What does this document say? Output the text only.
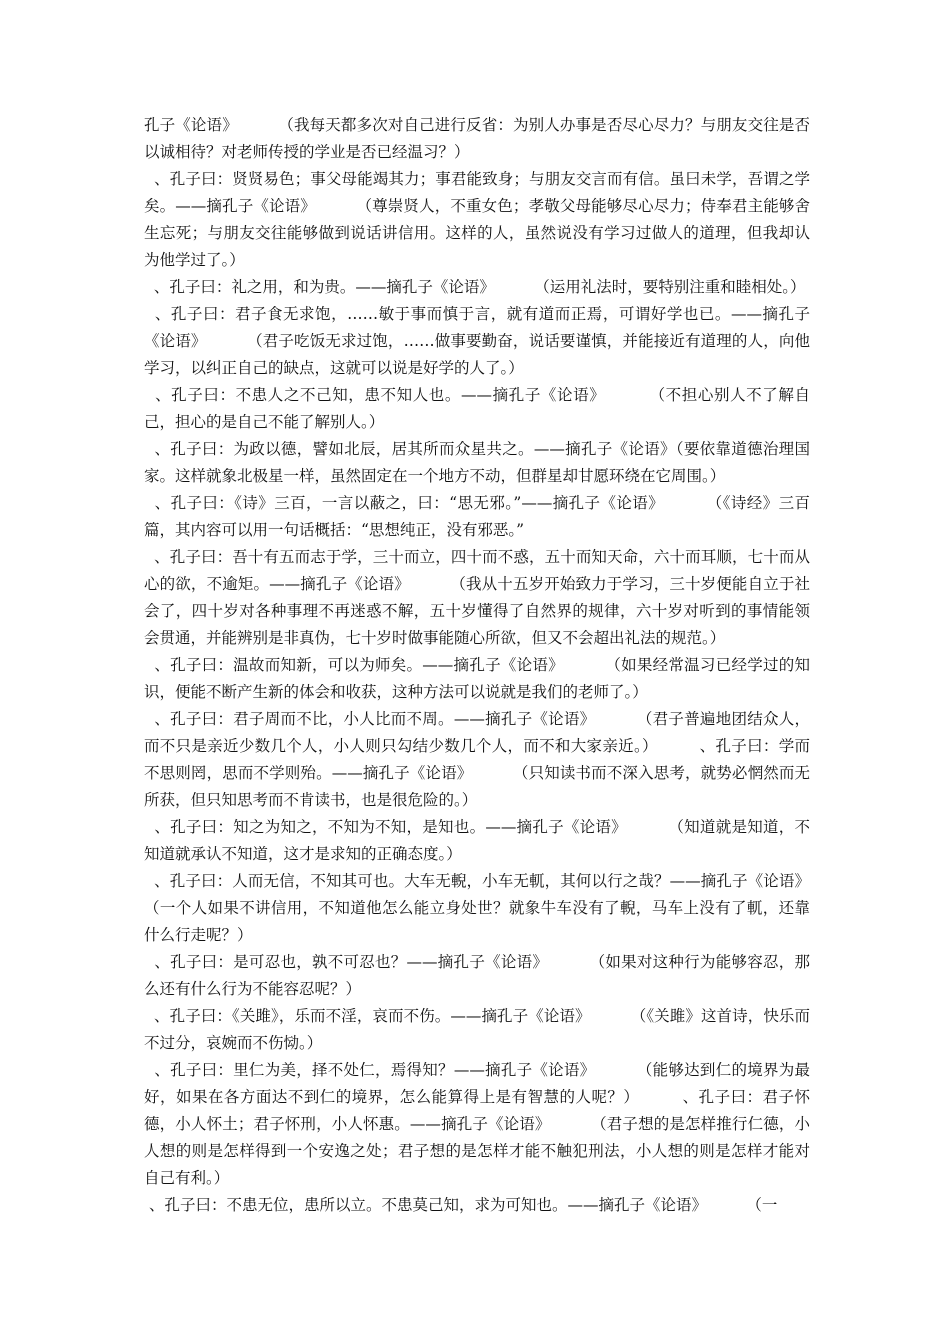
孔子《论语》        （我每天都多次对自己进行反省：为别人办事是否尽心尽力？与朋友交往是否以诚相待？对老师传授的学业是否已经温习？）

、孔子曰：贤贤易色；事父母能竭其力；事君能致身；与朋友交言而有信。虽曰未学，吾谓之学矣。——摘孔子《论语》        （尊崇贤人，不重女色；孝敬父母能够尽心尽力；侍奉君主能够舍生忘死；与朋友交往能够做到说话讲信用。这样的人，虽然说没有学习过做人的道理，但我却认为他学过了。）

、孔子曰：礼之用，和为贵。——摘孔子《论语》        （运用礼法时，要特别注重和睦相处。）

、孔子曰：君子食无求饱，……敏于事而慎于言，就有道而正焉，可谓好学也已。——摘孔子《论语》        （君子吃饭无求过饱，……做事要勤奋，说话要谨慎，并能接近有道理的人，向他学习，以纠正自己的缺点，这就可以说是好学的人了。）

、孔子曰：不患人之不己知，患不知人也。——摘孔子《论语》        （不担心别人不了解自己，担心的是自己不能了解别人。）

、孔子曰：为政以德，譬如北辰，居其所而众星共之。——摘孔子《论语》（要依靠道德治理国家。这样就象北极星一样，虽然固定在一个地方不动，但群星却甘愿环绕在它周围。）

、孔子曰：《诗》三百，一言以蔽之，曰：“思无邪。”——摘孔子《论语》        （《诗经》三百篇，其内容可以用一句话概括：“思想纯正，没有邪恶。”

、孔子曰：吾十有五而志于学，三十而立，四十而不惑，五十而知天命，六十而耳顺，七十而从心的欲，不逾矩。——摘孔子《论语》        （我从十五岁开始致力于学习，三十岁便能自立于社会了，四十岁对各种事理不再迷惑不解，五十岁懂得了自然界的规律，六十岁对听到的事情能领会贯通，并能辨别是非真伪，七十岁时做事能随心所欲，但又不会超出礼法的规范。）

、孔子曰：温故而知新，可以为师矣。——摘孔子《论语》        （如果经常温习已经学过的知识，便能不断产生新的体会和收获，这种方法可以说就是我们的老师了。）

、孔子曰：君子周而不比，小人比而不周。——摘孔子《论语》        （君子普遍地团结众人，而不只是亲近少数几个人，小人则只勾结少数几个人，而不和大家亲近。）        、孔子曰：学而不思则罔，思而不学则殆。——摘孔子《论语》        （只知读书而不深入思考，就势必惘然而无所获，但只知思考而不肯读书，也是很危险的。）

、孔子曰：知之为知之，不知为不知，是知也。——摘孔子《论语》        （知道就是知道，不知道就承认不知道，这才是求知的正确态度。）

、孔子曰：人而无信，不知其可也。大车无輗，小车无軏，其何以行之哉？——摘孔子《论语》        （一个人如果不讲信用，不知道他怎么能立身处世？就象牛车没有了輗，马车上没有了軏，还靠什么行走呢？）

、孔子曰：是可忍也，孰不可忍也？——摘孔子《论语》        （如果对这种行为能够容忍，那么还有什么行为不能容忍呢？）

、孔子曰：《关雎》，乐而不淫，哀而不伤。——摘孔子《论语》        （《关雎》这首诗，快乐而不过分，哀婉而不伤恸。）

、孔子曰：里仁为美，择不处仁，焉得知？——摘孔子《论语》        （能够达到仁的境界为最好，如果在各方面达不到仁的境界，怎么能算得上是有智慧的人呢？）        、孔子曰：君子怀德，小人怀土；君子怀刑，小人怀惠。——摘孔子《论语》        （君子想的是怎样推行仁德，小人想的则是怎样得到一个安逸之处；君子想的是怎样才能不触犯刑法，小人想的则是怎样才能对自己有利。）

、孔子曰：不患无位，患所以立。不患莫己知，求为可知也。——摘孔子《论语》        （一
